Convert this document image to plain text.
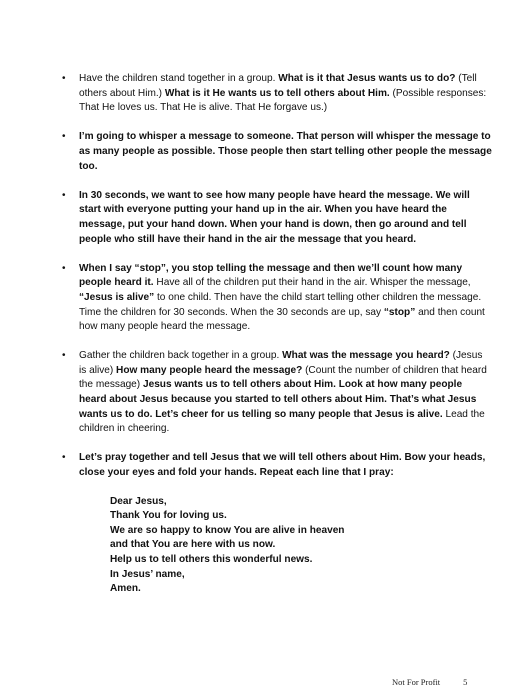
• Have the children stand together in a group. What is it that Jesus wants us to do? (Tell others about Him.) What is it He wants us to tell others about Him. (Possible responses: That He loves us. That He is alive. That He forgave us.)
• I’m going to whisper a message to someone. That person will whisper the message to as many people as possible. Those people then start telling other people the message too.
• In 30 seconds, we want to see how many people have heard the message. We will start with everyone putting your hand up in the air. When you have heard the message, put your hand down. When your hand is down, then go around and tell people who still have their hand in the air the message that you heard.
• When I say “stop”, you stop telling the message and then we’ll count how many people heard it. Have all of the children put their hand in the air. Whisper the message, “Jesus is alive” to one child. Then have the child start telling other children the message. Time the children for 30 seconds. When the 30 seconds are up, say “stop” and then count how many people heard the message.
• Gather the children back together in a group. What was the message you heard? (Jesus is alive) How many people heard the message? (Count the number of children that heard the message) Jesus wants us to tell others about Him. Look at how many people heard about Jesus because you started to tell others about Him. That’s what Jesus wants us to do. Let’s cheer for us telling so many people that Jesus is alive. Lead the children in cheering.
• Let’s pray together and tell Jesus that we will tell others about Him. Bow your heads, close your eyes and fold your hands. Repeat each line that I pray:
Dear Jesus,
Thank You for loving us.
We are so happy to know You are alive in heaven
and that You are here with us now.
Help us to tell others this wonderful news.
In Jesus’ name,
Amen.
Not For Profit	5
